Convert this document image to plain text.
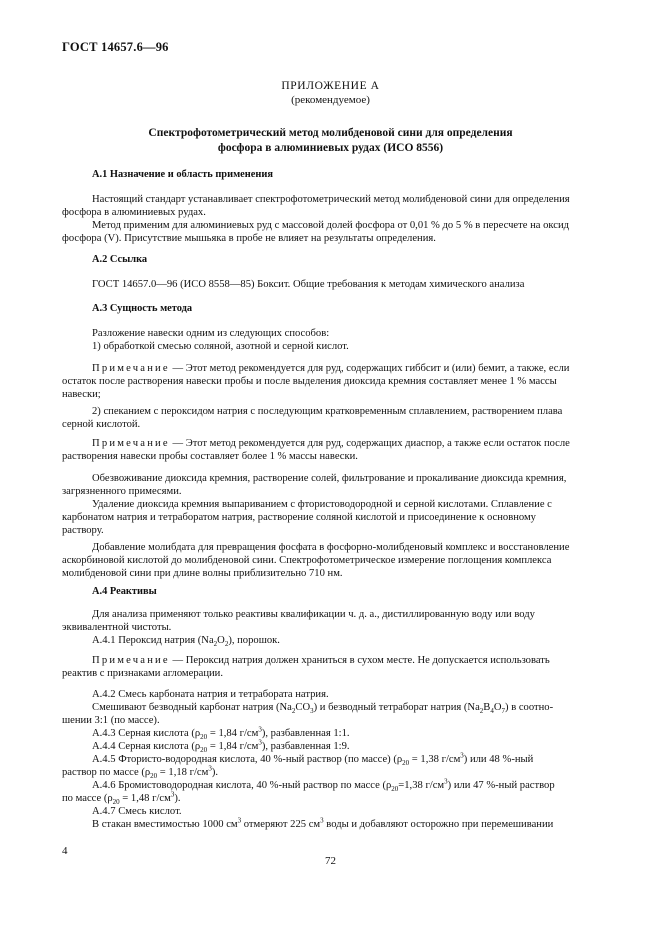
ГОСТ 14657.6—96
ПРИЛОЖЕНИЕ А
(рекомендуемое)
Спектрофотометрический метод молибденовой сини для определения
фосфора в алюминиевых рудах (ИСО 8556)
А.1 Назначение и область применения
Настоящий стандарт устанавливает спектрофотометрический метод молибденовой сини для определения
фосфора в алюминиевых рудах.
Метод применим для алюминиевых руд с массовой долей фосфора от 0,01 % до 5 % в пересчете на оксид
фосфора (V). Присутствие мышьяка в пробе не влияет на результаты определения.
А.2 Ссылка
ГОСТ 14657.0—96 (ИСО 8558—85) Боксит. Общие требования к методам химического анализа
А.3 Сущность метода
Разложение навески одним из следующих способов:
1) обработкой смесью соляной, азотной и серной кислот.
Примечание — Этот метод рекомендуется для руд, содержащих гиббсит и (или) бемит, а также, если
остаток после растворения навески пробы и после выделения диоксида кремния составляет менее 1 % массы
навески;
2) спеканием с пероксидом натрия с последующим кратковременным сплавлением, растворением плава
серной кислотой.
Примечание — Этот метод рекомендуется для руд, содержащих диаспор, а также если остаток после
растворения навески пробы составляет более 1 % массы навески.
Обезвоживание диоксида кремния, растворение солей, фильтрование и прокаливание диоксида кремния,
загрязненного примесями.
Удаление диоксида кремния выпариванием с фтористоводородной и серной кислотами. Сплавление с
карбонатом натрия и тетраборатом натрия, растворение соляной кислотой и присоединение к основному
раствору.
Добавление молибдата для превращения фосфата в фосфорно-молибденовый комплекс и восстановление
аскорбиновой кислотой до молибденовой сини. Спектрофотометрическое измерение поглощения комплекса
молибденовой сини при длине волны приблизительно 710 нм.
А.4 Реактивы
Для анализа применяют только реактивы квалификации ч. д. а., дистиллированную воду или воду
эквивалентной чистоты.
А.4.1 Пероксид натрия $(Na_2O_2)$, порошок.
Примечание — Пероксид натрия должен храниться в сухом месте. Не допускается использовать
реактив с признаками агломерации.
А.4.2 Смесь карбоната натрия и тетрабората натрия.
Смешивают безводный карбонат натрия $(Na_2CO_3)$ и безводный тетраборат натрия $(Na_2B_4O_7)$ в соотно-
шении 3:1 (по массе).
А.4.3 Серная кислота ($\rho_{20} = 1,84$ $г/см^3$), разбавленная 1:1.
А.4.4 Серная кислота ($\rho_{20} = 1,84$ $г/см^3$), разбавленная 1:9.
А.4.5 Фтористо-водородная кислота, 40 %-ный раствор (по массе) ($\rho_{20} = 1,38$ $г/см^3$) или 48 %-ный
раствор по массе ($\rho_{20} = 1,18$ $г/см^3$).
А.4.6 Бромистоводородная кислота, 40 %-ный раствор по массе ($\rho_{20}=1,38$ $г/см^3$) или 47 %-ный раствор
по массе ($\rho_{20} = 1,48$ $г/см^3$).
А.4.7 Смесь кислот.
В стакан вместимостью 1000 $см^3$ отмеряют 225 $см^3$ воды и добавляют осторожно при перемешивании
4
72
